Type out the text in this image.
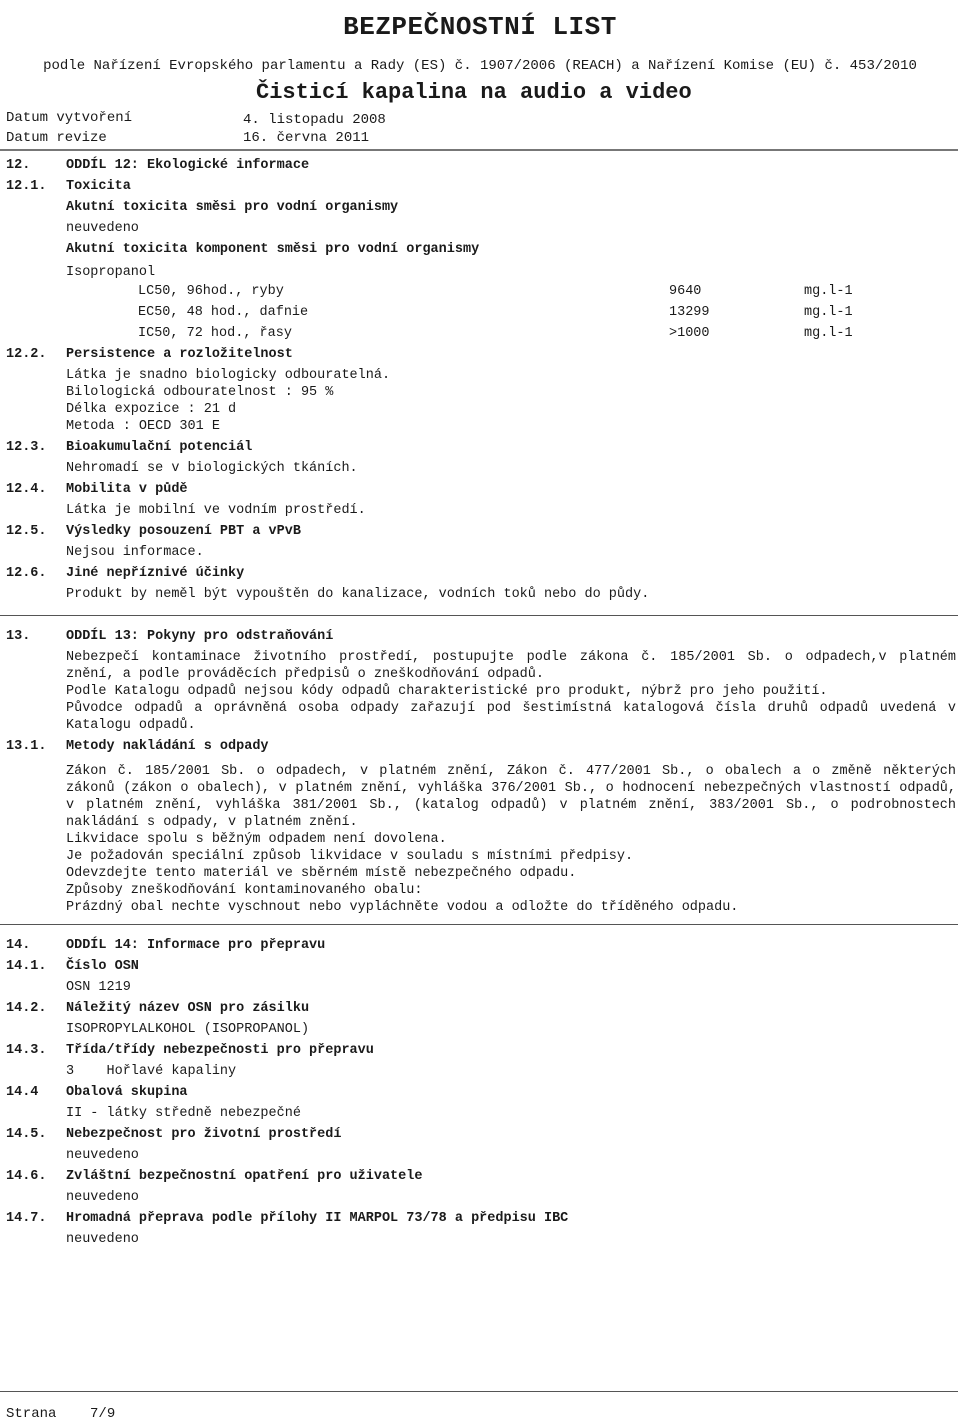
BEZPEČNOSTNÍ LIST
podle Nařízení Evropského parlamentu a Rady (ES) č. 1907/2006 (REACH) a Nařízení Komise (EU) č. 453/2010
Čisticí kapalina na audio a video
Datum vytvoření	4. listopadu 2008
Datum revize	16. června 2011
12.	ODDÍL 12: Ekologické informace
12.1.	Toxicita
Akutní toxicita směsi pro vodní organismy
neuvedeno
Akutní toxicita komponent směsi pro vodní organismy
Isopropanol
LC50, 96hod., ryby	9640	mg.l-1
EC50, 48 hod., dafnie	13299	mg.l-1
IC50, 72 hod., řasy	>1000	mg.l-1
12.2.	Persistence a rozložitelnost
Látka je snadno biologicky odbouratelná.
Bilologická odbouratelnost : 95 %
Délka expozice : 21 d
Metoda : OECD 301 E
12.3.	Bioakumulační potenciál
Nehromadí se v biologických tkáních.
12.4.	Mobilita v půdě
Látka je mobilní ve vodním prostředí.
12.5.	Výsledky posouzení PBT a vPvB
Nejsou informace.
12.6.	Jiné nepříznivé účinky
Produkt by neměl být vypouštěn do kanalizace, vodních toků nebo do půdy.
13.	ODDÍL 13: Pokyny pro odstraňování
Nebezpečí kontaminace životního prostředí, postupujte podle zákona č. 185/2001 Sb. o odpadech,v platném znění, a podle prováděcích předpisů o zneškodňování odpadů.
Podle Katalogu odpadů nejsou kódy odpadů charakteristické pro produkt, nýbrž pro jeho použití.
Původce odpadů a oprávněná osoba odpady zařazují pod šestimístná katalogová čísla druhů odpadů uvedená v Katalogu odpadů.
13.1.	Metody nakládání s odpady
Zákon č. 185/2001 Sb. o odpadech, v platném znění, Zákon č. 477/2001 Sb., o obalech a o změně některých zákonů (zákon o obalech), v platném znění, vyhláška 376/2001 Sb., o hodnocení nebezpečných vlastností odpadů, v platném znění, vyhláška 381/2001 Sb., (katalog odpadů) v platném znění, 383/2001 Sb., o podrobnostech nakládání s odpady, v platném znění.
Likvidace spolu s běžným odpadem není dovolena.
Je požadován speciální způsob likvidace v souladu s místními předpisy.
Odevzdejte tento materiál ve sběrném místě nebezpečného odpadu.
Způsoby zneškodňování kontaminovaného obalu:
Prázdný obal nechte vyschnout nebo vypláchněte vodou a odložte do tříděného odpadu.
14.	ODDÍL 14: Informace pro přepravu
14.1.	Číslo OSN
OSN 1219
14.2.	Náležitý název OSN pro zásilku
ISOPROPYLALKOHOL (ISOPROPANOL)
14.3.	Třída/třídy nebezpečnosti pro přepravu
3    Hořlavé kapaliny
14.4	Obalová skupina
II - látky středně nebezpečné
14.5.	Nebezpečnost pro životní prostředí
neuvedeno
14.6.	Zvláštní bezpečnostní opatření pro uživatele
neuvedeno
14.7.	Hromadná přeprava podle přílohy II MARPOL 73/78 a předpisu IBC
neuvedeno
Strana 7/9
